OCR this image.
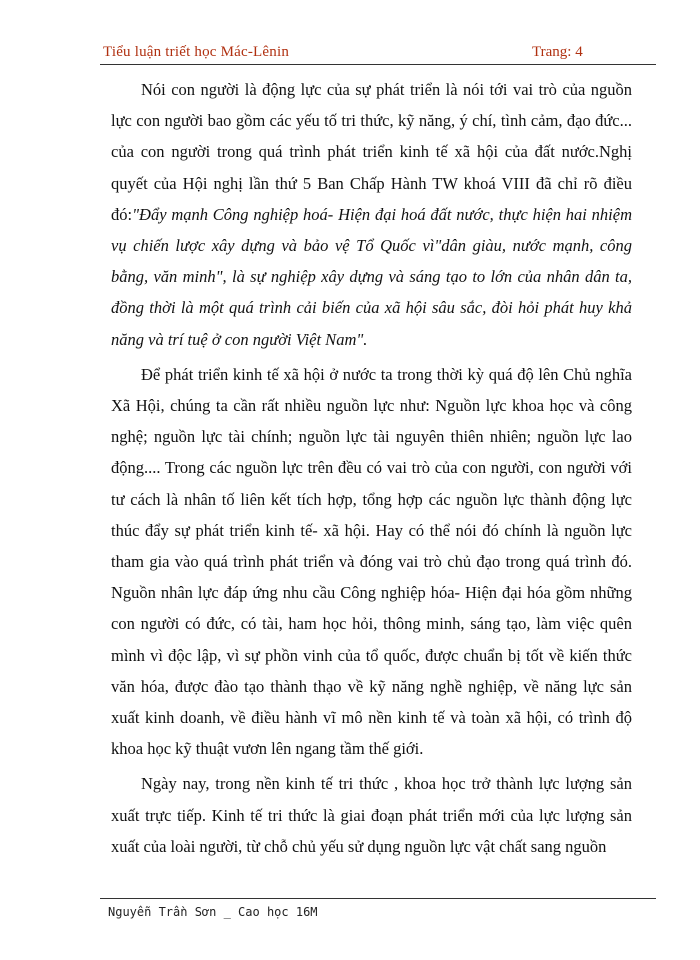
Tiểu luận triết học Mác-Lênin	Trang: 4

Nói con người là động lực của sự phát triển là nói tới vai trò của nguồn lực con người bao gồm các yếu tố tri thức, kỹ năng, ý chí, tình cảm, đạo đức... của con người trong quá trình phát triển kinh tế xã hội của đất nước.Nghị quyết của Hội nghị lần thứ 5 Ban Chấp Hành TW khoá VIII đã chỉ rõ điều đó:"Đẩy mạnh Công nghiệp hoá- Hiện đại hoá đất nước, thực hiện hai nhiệm vụ chiến lược xây dựng và bảo vệ Tổ Quốc vì"dân giàu, nước mạnh, công bằng, văn minh", là sự nghiệp xây dựng và sáng tạo to lớn của nhân dân ta, đồng thời là một quá trình cải biến của xã hội sâu sắc, đòi hỏi phát huy khả năng và trí tuệ ở con người Việt Nam".

Để phát triển kinh tế xã hội ở nước ta trong thời kỳ quá độ lên Chủ nghĩa Xã Hội, chúng ta cần rất nhiều nguồn lực như: Nguồn lực khoa học và công nghệ; nguồn lực tài chính; nguồn lực tài nguyên thiên nhiên; nguồn lực lao động.... Trong các nguồn lực trên đều có vai trò của con người, con người với tư cách là nhân tố liên kết tích hợp, tổng hợp các nguồn lực thành động lực thúc đẩy sự phát triển kinh tế- xã hội. Hay có thể nói đó chính là nguồn lực tham gia vào quá trình phát triển và đóng vai trò chủ đạo trong quá trình đó. Nguồn nhân lực đáp ứng nhu cầu Công nghiệp hóa- Hiện đại hóa gồm những con người có đức, có tài, ham học hỏi, thông minh, sáng tạo, làm việc quên mình vì độc lập, vì sự phồn vinh của tổ quốc, được chuẩn bị tốt về kiến thức văn hóa, được đào tạo thành thạo về kỹ năng nghề nghiệp, về năng lực sản xuất kinh doanh, về điều hành vĩ mô nền kinh tế và toàn xã hội, có trình độ khoa học kỹ thuật vươn lên ngang tầm thế giới.

Ngày nay, trong nền kinh tế tri thức , khoa học trở thành lực lượng sản xuất trực tiếp. Kinh tế tri thức là giai đoạn phát triển mới của lực lượng sản xuất của loài người, từ chỗ chủ yếu sử dụng nguồn lực vật chất sang nguồn

Nguyễn Trần Sơn _ Cao học 16M
